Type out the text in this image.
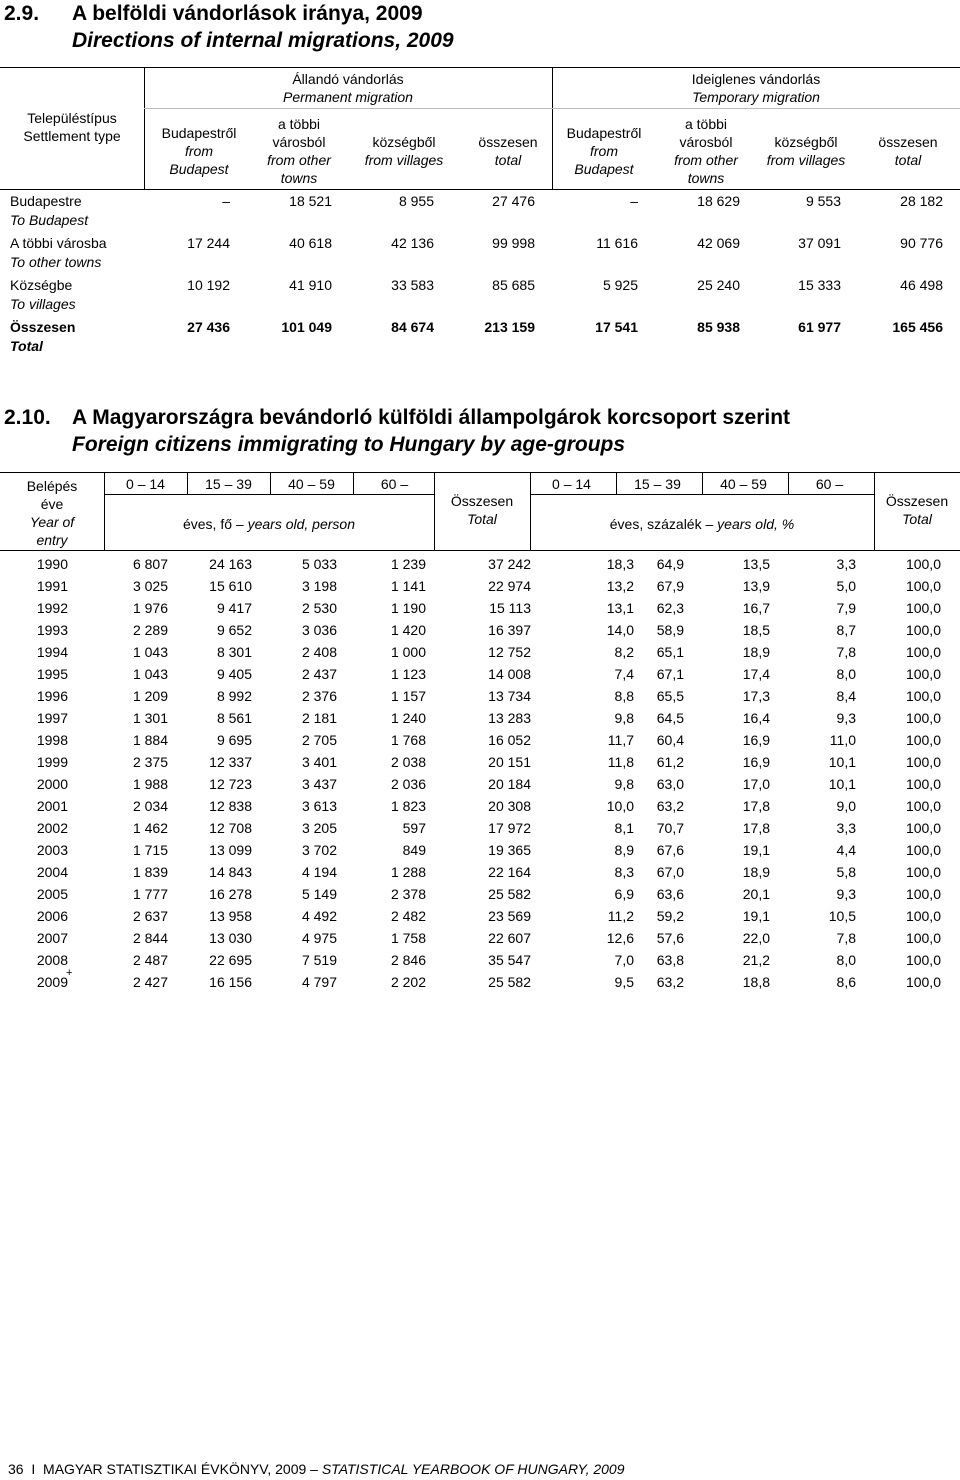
2.9. A belföldi vándorlások iránya, 2009
Directions of internal migrations, 2009
Településtípus
Settlement type
Állandó vándorlás
Permanent migration
Ideiglenes vándorlás
Temporary migration
Budapestről
from
Budapest
a többi
városból
from other
towns
községből
from villages
összesen
total
Budapestről
from
Budapest
a többi
városból
from other
towns
községből
from villages
összesen
total
Budapestre
To Budapest
–	18 521	8 955	27 476	–	18 629	9 553	28 182
A többi városba
To other towns
17 244	40 618	42 136	99 998	11 616	42 069	37 091	90 776
Községbe
To villages
10 192	41 910	33 583	85 685	5 925	25 240	15 333	46 498
Összesen
Total
27 436	101 049	84 674	213 159	17 541	85 938	61 977	165 456
2.10. A Magyarországra bevándorló külföldi állampolgárok korcsoport szerint
Foreign citizens immigrating to Hungary by age-groups
Belépés
éve
Year of
entry
0 – 14	0 – 14
15 – 39	15 – 39
40 – 59	40 – 59
60 –	60 –
Összesen
Total
Összesen
Total
éves, fő – years old, person	éves, százalék – years old, %
1990	6 807	24 163	5 033	1 239	37 242	18,3	64,9	13,5	3,3	100,0
1991	3 025	15 610	3 198	1 141	22 974	13,2	67,9	13,9	5,0	100,0
1992	1 976	9 417	2 530	1 190	15 113	13,1	62,3	16,7	7,9	100,0
1993	2 289	9 652	3 036	1 420	16 397	14,0	58,9	18,5	8,7	100,0
1994	1 043	8 301	2 408	1 000	12 752	8,2	65,1	18,9	7,8	100,0
1995	1 043	9 405	2 437	1 123	14 008	7,4	67,1	17,4	8,0	100,0
1996	1 209	8 992	2 376	1 157	13 734	8,8	65,5	17,3	8,4	100,0
1997	1 301	8 561	2 181	1 240	13 283	9,8	64,5	16,4	9,3	100,0
1998	1 884	9 695	2 705	1 768	16 052	11,7	60,4	16,9	11,0	100,0
1999	2 375	12 337	3 401	2 038	20 151	11,8	61,2	16,9	10,1	100,0
2000	1 988	12 723	3 437	2 036	20 184	9,8	63,0	17,0	10,1	100,0
2001	2 034	12 838	3 613	1 823	20 308	10,0	63,2	17,8	9,0	100,0
2002	1 462	12 708	3 205	597	17 972	8,1	70,7	17,8	3,3	100,0
2003	1 715	13 099	3 702	849	19 365	8,9	67,6	19,1	4,4	100,0
2004	1 839	14 843	4 194	1 288	22 164	8,3	67,0	18,9	5,8	100,0
2005	1 777	16 278	5 149	2 378	25 582	6,9	63,6	20,1	9,3	100,0
2006	2 637	13 958	4 492	2 482	23 569	11,2	59,2	19,1	10,5	100,0
2007	2 844	13 030	4 975	1 758	22 607	12,6	57,6	22,0	7,8	100,0
2008	2 487	22 695	7 519	2 846	35 547	7,0	63,8	21,2	8,0	100,0
2009	2 427	16 156	4 797	2 202	25 582	9,5	63,2	18,8	8,6	100,0
+
36 I MAGYAR STATISZTIKAI ÉVKÖNYV, 2009 – STATISTICAL YEARBOOK OF HUNGARY, 2009
